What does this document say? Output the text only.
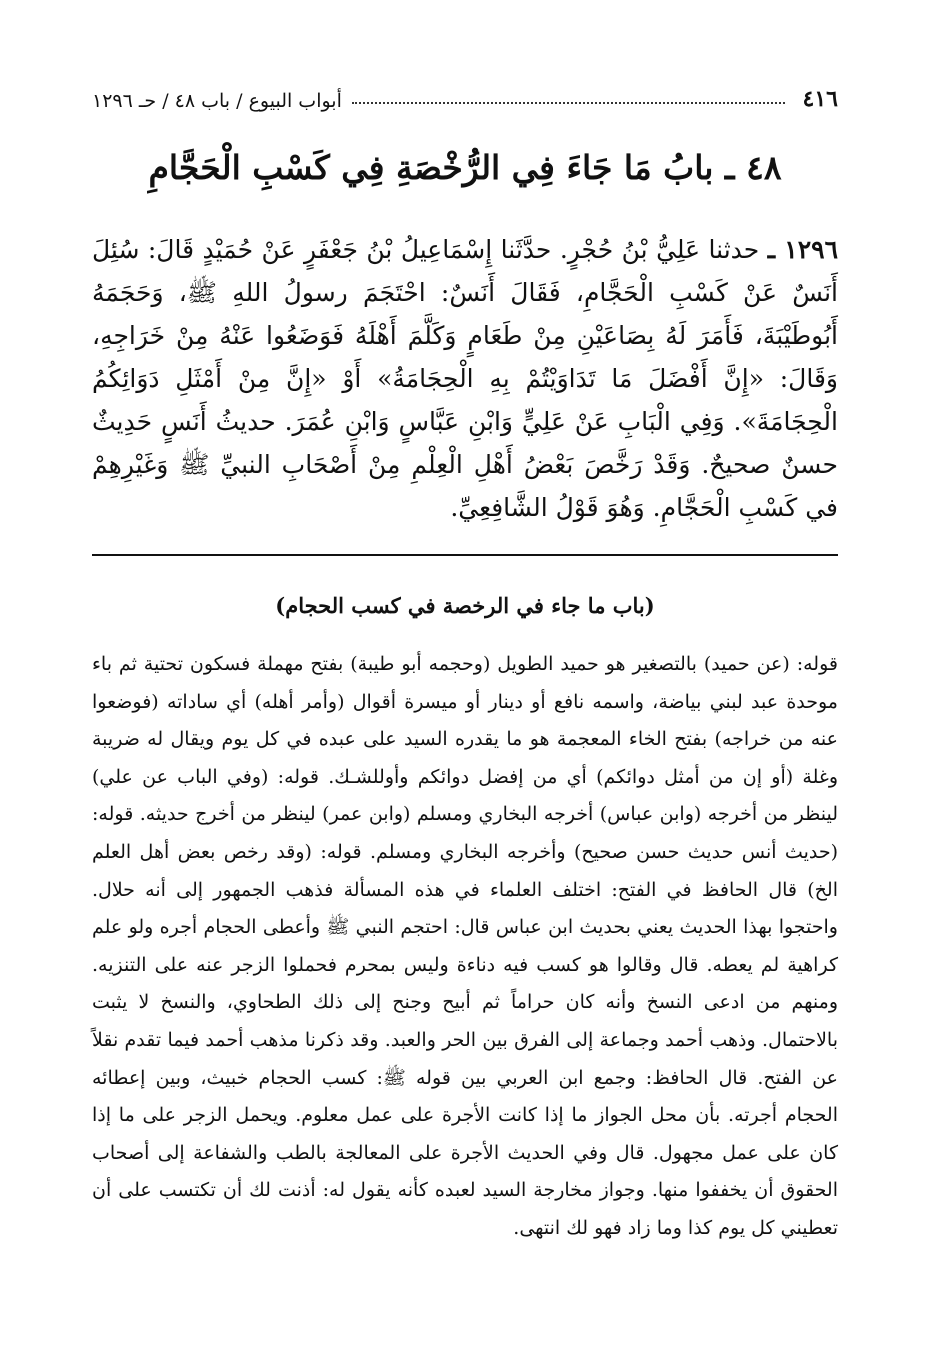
٤١٦
أبواب البيوع / باب ٤٨ / حـ ١٢٩٦
٤٨ ـ بابُ مَا جَاءَ فِي الرُّخْصَةِ فِي كَسْبِ الْحَجَّامِ
١٢٩٦ ـ حدثنا عَلِيُّ بْنُ حُجْرٍ. حدَّثَنا إِسْمَاعِيلُ بْنُ جَعْفَرٍ عَنْ حُمَيْدٍ قَالَ: سُئِلَ أَنَسٌ عَنْ كَسْبِ الْحَجَّامِ، فَقَالَ أَنَسٌ: احْتَجَمَ رسولُ اللهِ ﷺ، وَحَجَمَهُ أَبُوطَيْبَةَ، فَأَمَرَ لَهُ بِصَاعَيْنِ مِنْ طَعَامٍ وَكَلَّمَ أَهْلَهُ فَوَضَعُوا عَنْهُ مِنْ خَرَاجِهِ، وَقَالَ: «إِنَّ أَفْضَلَ مَا تَدَاوَيْتُمْ بِهِ الْحِجَامَةُ» أَوْ «إِنَّ مِنْ أَمْثَلِ دَوَائِكُمُ الْحِجَامَةَ». وَفِي الْبَابِ عَنْ عَلِيٍّ وَابْنِ عَبَّاسٍ وَابْنِ عُمَرَ. حديثُ أَنَسٍ حَدِيثٌ حسنٌ صحيحٌ. وَقَدْ رَخَّصَ بَعْضُ أَهْلِ الْعِلْمِ مِنْ أَصْحَابِ النبيِّ ﷺ وَغَيْرِهِمْ في كَسْبِ الْحَجَّامِ. وَهُوَ قَوْلُ الشَّافِعِيِّ.
(باب ما جاء في الرخصة في كسب الحجام)
قوله: (عن حميد) بالتصغير هو حميد الطويل (وحجمه أبو طيبة) بفتح مهملة فسكون تحتية ثم باء موحدة عبد لبني بياضة، واسمه نافع أو دينار أو ميسرة أقوال (وأمر أهله) أي ساداته (فوضعوا عنه من خراجه) بفتح الخاء المعجمة هو ما يقدره السيد على عبده في كل يوم ويقال له ضريبة وغلة (أو إن من أمثل دوائكم) أي من إفضل دوائكم وأوللشـك. قوله: (وفي الباب عن علي) لينظر من أخرجه (وابن عباس) أخرجه البخاري ومسلم (وابن عمر) لينظر من أخرج حديثه. قوله: (حديث أنس حديث حسن صحيح) وأخرجه البخاري ومسلم. قوله: (وقد رخص بعض أهل العلم الخ) قال الحافظ في الفتح: اختلف العلماء في هذه المسألة فذهب الجمهور إلى أنه حلال. واحتجوا بهذا الحديث يعني بحديث ابن عباس قال: احتجم النبي ﷺ وأعطى الحجام أجره ولو علم كراهية لم يعطه. قال وقالوا هو كسب فيه دناءة وليس بمحرم فحملوا الزجر عنه على التنزيه. ومنهم من ادعى النسخ وأنه كان حراماً ثم أبيح وجنح إلى ذلك الطحاوي، والنسخ لا يثبت بالاحتمال. وذهب أحمد وجماعة إلى الفرق بين الحر والعبد. وقد ذكرنا مذهب أحمد فيما تقدم نقلاً عن الفتح. قال الحافظ: وجمع ابن العربي بين قوله ﷺ: كسب الحجام خبيث، وبين إعطائه الحجام أجرته. بأن محل الجواز ما إذا كانت الأجرة على عمل معلوم. ويحمل الزجر على ما إذا كان على عمل مجهول. قال وفي الحديث الأجرة على المعالجة بالطب والشفاعة إلى أصحاب الحقوق أن يخففوا منها. وجواز مخارجة السيد لعبده كأنه يقول له: أذنت لك أن تكتسب على أن تعطيني كل يوم كذا وما زاد فهو لك انتهى.
